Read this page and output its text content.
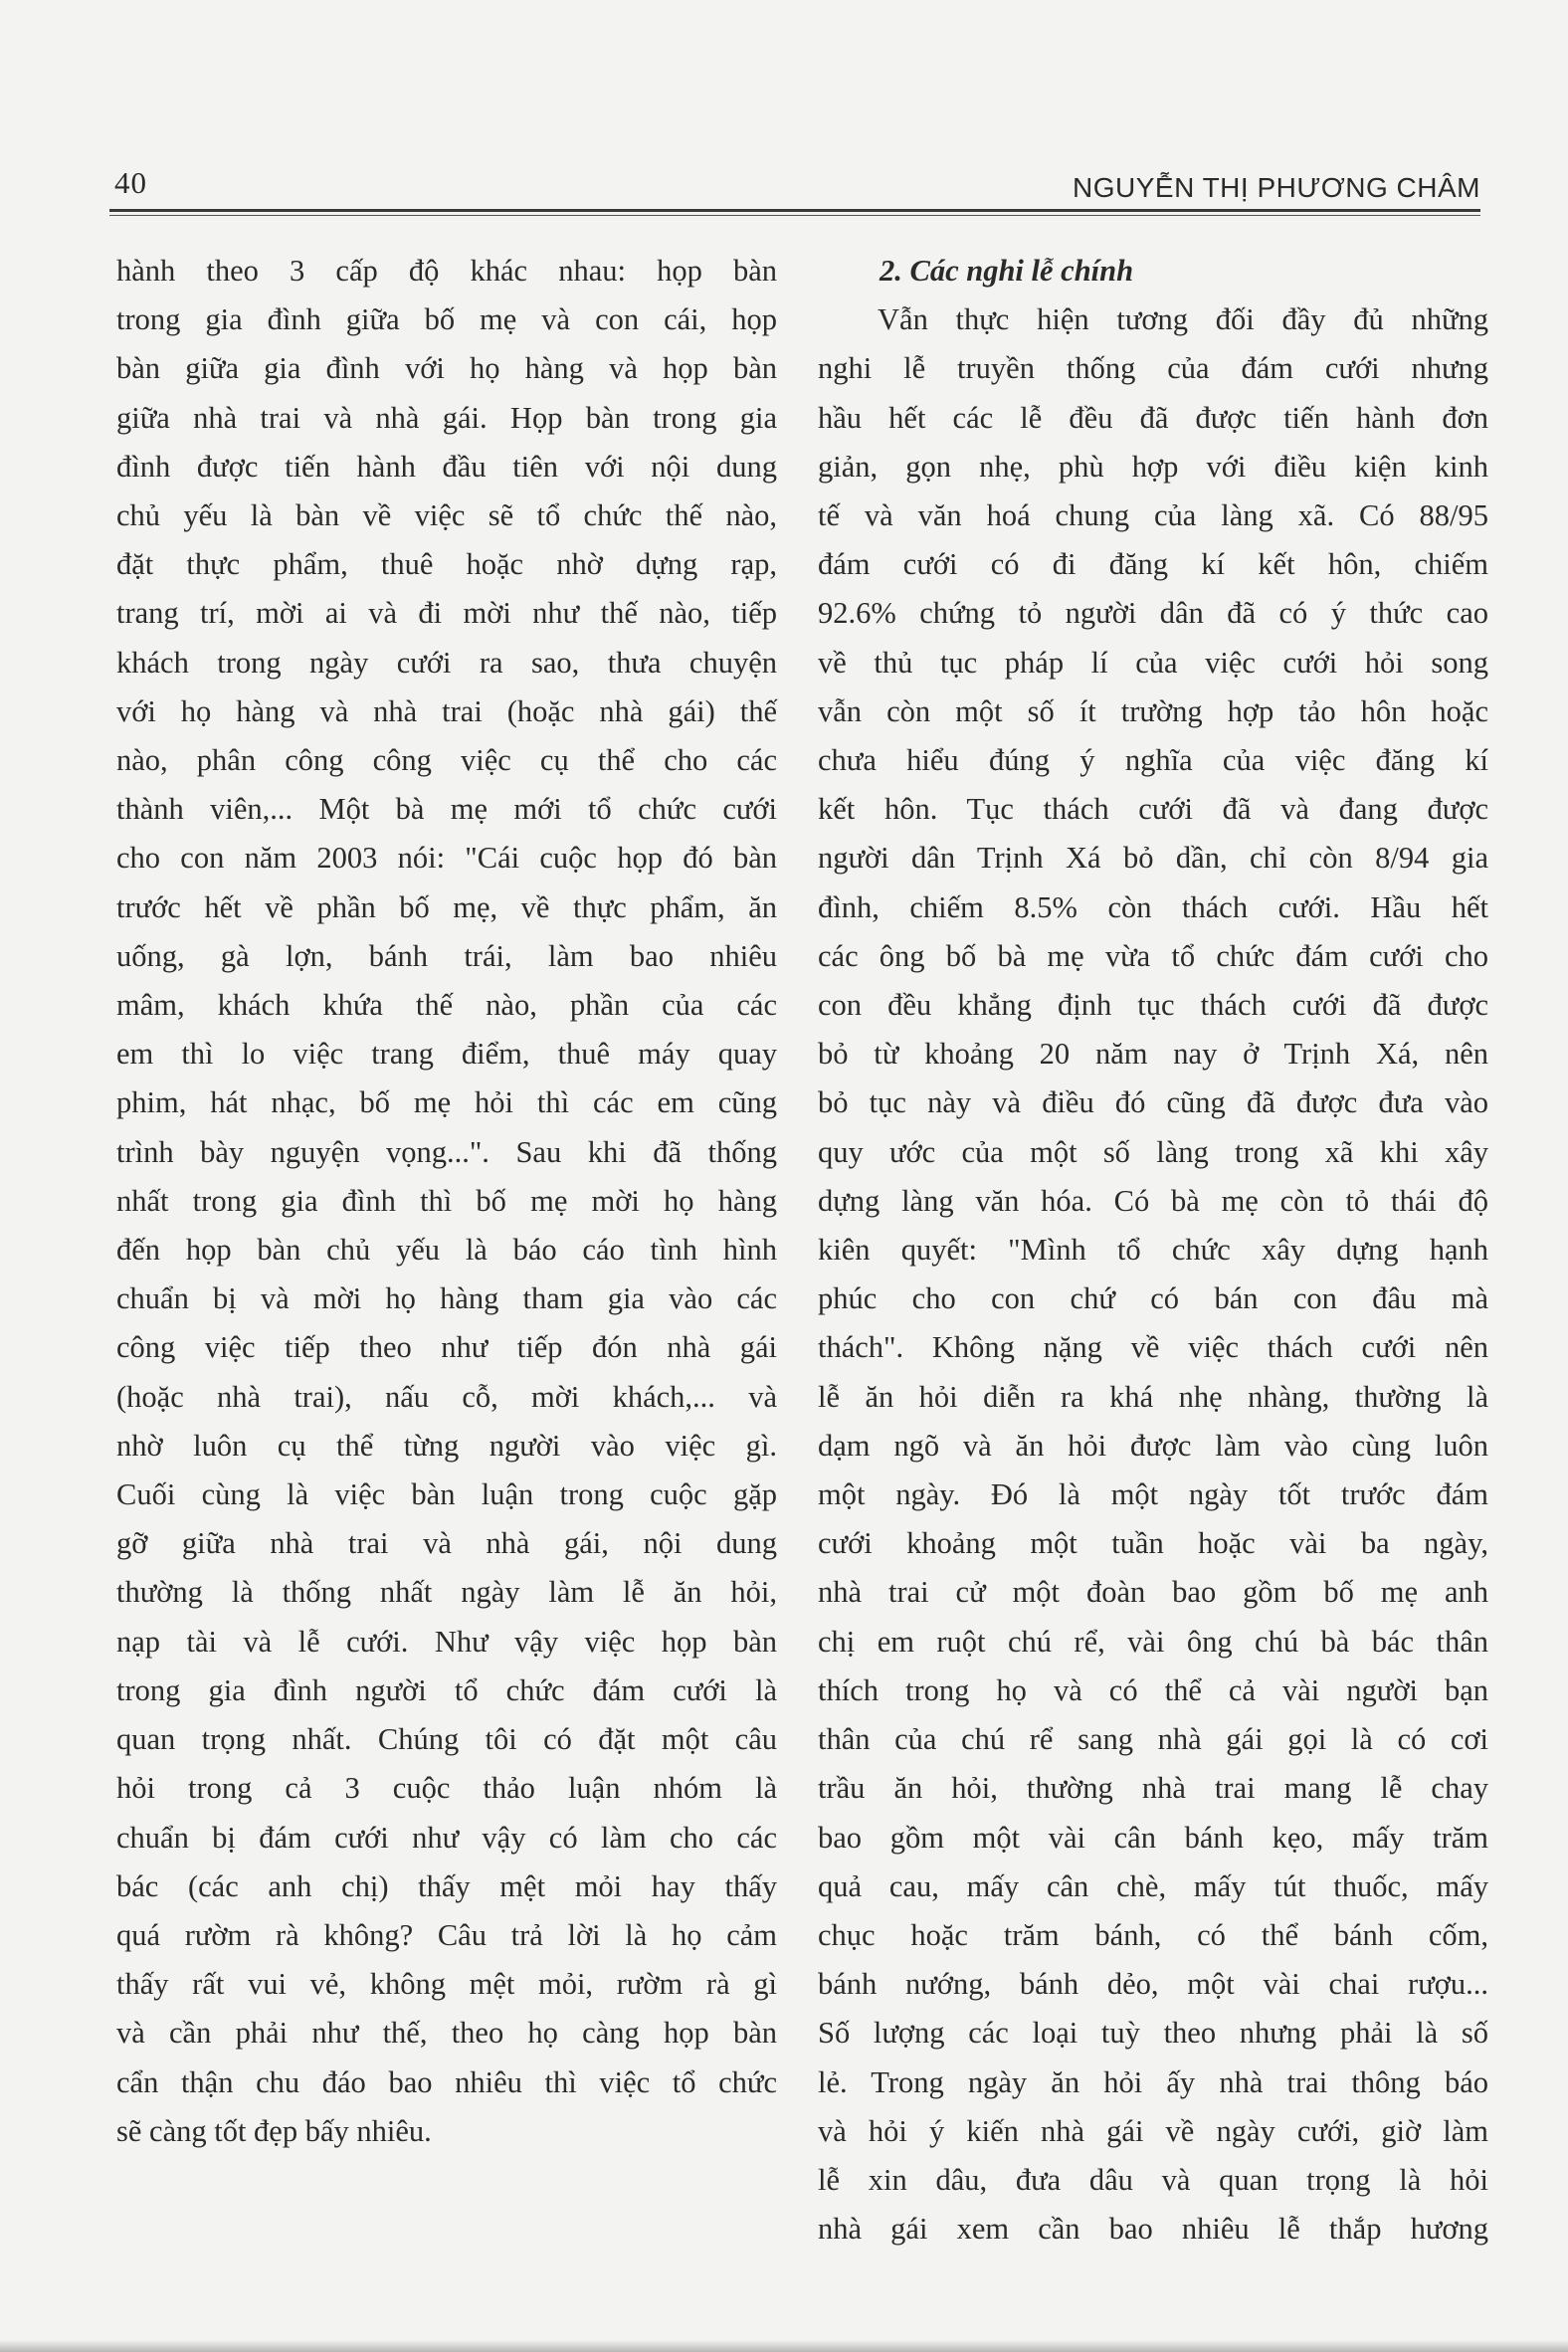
40	NGUYỄN THỊ PHƯƠNG CHÂM
hành theo 3 cấp độ khác nhau: họp bàn
trong gia đình giữa bố mẹ và con cái, họp
bàn giữa gia đình với họ hàng và họp bàn
giữa nhà trai và nhà gái. Họp bàn trong gia
đình được tiến hành đầu tiên với nội dung
chủ yếu là bàn về việc sẽ tổ chức thế nào,
đặt thực phẩm, thuê hoặc nhờ dựng rạp,
trang trí, mời ai và đi mời như thế nào, tiếp
khách trong ngày cưới ra sao, thưa chuyện
với họ hàng và nhà trai (hoặc nhà gái) thế
nào, phân công công việc cụ thể cho các
thành viên,... Một bà mẹ mới tổ chức cưới
cho con năm 2003 nói: "Cái cuộc họp đó bàn
trước hết về phần bố mẹ, về thực phẩm, ăn
uống, gà lợn, bánh trái, làm bao nhiêu
mâm, khách khứa thế nào, phần của các
em thì lo việc trang điểm, thuê máy quay
phim, hát nhạc, bố mẹ hỏi thì các em cũng
trình bày nguyện vọng...". Sau khi đã thống
nhất trong gia đình thì bố mẹ mời họ hàng
đến họp bàn chủ yếu là báo cáo tình hình
chuẩn bị và mời họ hàng tham gia vào các
công việc tiếp theo như tiếp đón nhà gái
(hoặc nhà trai), nấu cỗ, mời khách,... và
nhờ luôn cụ thể từng người vào việc gì.
Cuối cùng là việc bàn luận trong cuộc gặp
gỡ giữa nhà trai và nhà gái, nội dung
thường là thống nhất ngày làm lễ ăn hỏi,
nạp tài và lễ cưới. Như vậy việc họp bàn
trong gia đình người tổ chức đám cưới là
quan trọng nhất. Chúng tôi có đặt một câu
hỏi trong cả 3 cuộc thảo luận nhóm là
chuẩn bị đám cưới như vậy có làm cho các
bác (các anh chị) thấy mệt mỏi hay thấy
quá rườm rà không? Câu trả lời là họ cảm
thấy rất vui vẻ, không mệt mỏi, rườm rà gì
và cần phải như thế, theo họ càng họp bàn
cẩn thận chu đáo bao nhiêu thì việc tổ chức
sẽ càng tốt đẹp bấy nhiêu.
2. Các nghi lễ chính
Vẫn thực hiện tương đối đầy đủ những
nghi lễ truyền thống của đám cưới nhưng
hầu hết các lễ đều đã được tiến hành đơn
giản, gọn nhẹ, phù hợp với điều kiện kinh
tế và văn hoá chung của làng xã. Có 88/95
đám cưới có đi đăng kí kết hôn, chiếm
92.6% chứng tỏ người dân đã có ý thức cao
về thủ tục pháp lí của việc cưới hỏi song
vẫn còn một số ít trường hợp tảo hôn hoặc
chưa hiểu đúng ý nghĩa của việc đăng kí
kết hôn. Tục thách cưới đã và đang được
người dân Trịnh Xá bỏ dần, chỉ còn 8/94 gia
đình, chiếm 8.5% còn thách cưới. Hầu hết
các ông bố bà mẹ vừa tổ chức đám cưới cho
con đều khẳng định tục thách cưới đã được
bỏ từ khoảng 20 năm nay ở Trịnh Xá, nên
bỏ tục này và điều đó cũng đã được đưa vào
quy ước của một số làng trong xã khi xây
dựng làng văn hóa. Có bà mẹ còn tỏ thái độ
kiên quyết: "Mình tổ chức xây dựng hạnh
phúc cho con chứ có bán con đâu mà
thách". Không nặng về việc thách cưới nên
lễ ăn hỏi diễn ra khá nhẹ nhàng, thường là
dạm ngõ và ăn hỏi được làm vào cùng luôn
một ngày. Đó là một ngày tốt trước đám
cưới khoảng một tuần hoặc vài ba ngày,
nhà trai cử một đoàn bao gồm bố mẹ anh
chị em ruột chú rể, vài ông chú bà bác thân
thích trong họ và có thể cả vài người bạn
thân của chú rể sang nhà gái gọi là có cơi
trầu ăn hỏi, thường nhà trai mang lễ chay
bao gồm một vài cân bánh kẹo, mấy trăm
quả cau, mấy cân chè, mấy tút thuốc, mấy
chục hoặc trăm bánh, có thể bánh cốm,
bánh nướng, bánh dẻo, một vài chai rượu...
Số lượng các loại tuỳ theo nhưng phải là số
lẻ. Trong ngày ăn hỏi ấy nhà trai thông báo
và hỏi ý kiến nhà gái về ngày cưới, giờ làm
lễ xin dâu, đưa dâu và quan trọng là hỏi
nhà gái xem cần bao nhiêu lễ thắp hương
